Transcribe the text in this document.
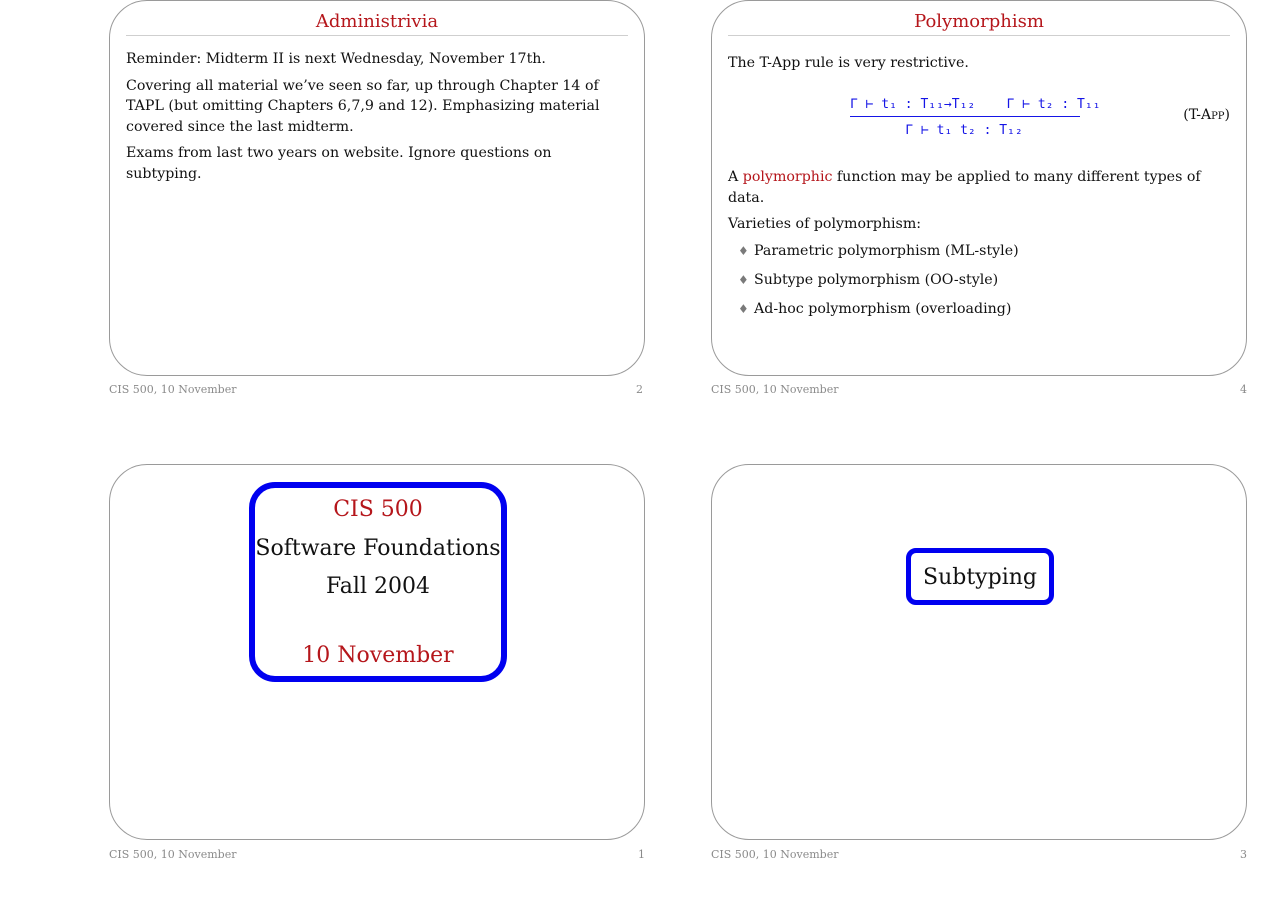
Administrivia

Reminder: Midterm II is next Wednesday, November 17th.

Covering all material we’ve seen so far, up through Chapter 14 of TAPL (but omitting Chapters 6,7,9 and 12). Emphasizing material covered since the last midterm.

Exams from last two years on website. Ignore questions on subtyping.

CIS 500, 10 November	2
Polymorphism

The T-App rule is very restrictive.

Γ ⊢ t₁ : T₁₁→T₁₂ Γ ⊢ t₂ : T₁₁
Γ ⊢ t₁ t₂ : T₁₂
(T-App)

A polymorphic function may be applied to many different types of data.

Varieties of polymorphism:

♦ Parametric polymorphism (ML-style)
♦ Subtype polymorphism (OO-style)
♦ Ad-hoc polymorphism (overloading)
CIS 500, 10 November	4
CIS 500
Software Foundations
Fall 2004
10 November
CIS 500, 10 November	1
Subtyping
CIS 500, 10 November	3
